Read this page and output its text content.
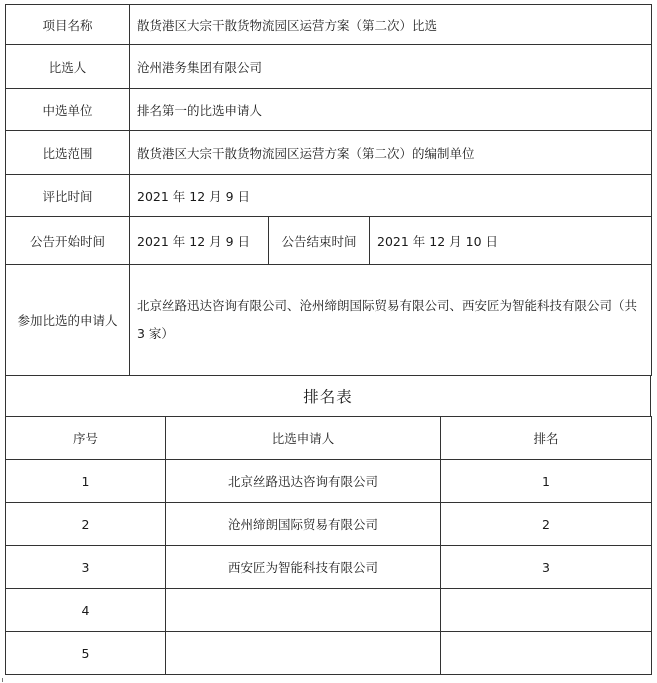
项目名称	散货港区大宗干散货物流园区运营方案（第二次）比选		
比选人	沧州港务集团有限公司		
中选单位	排名第一的比选申请人		
比选范围	散货港区大宗干散货物流园区运营方案（第二次）的编制单位		
评比时间	2021 年 12 月 9 日		
公告开始时间	2021 年 12 月 9 日	公告结束时间	2021 年 12 月 10 日
参加比选的申请人	北京丝路迅达咨询有限公司、沧州缔朗国际贸易有限公司、西安匠为智能科技有限公司（共 3 家）		
排名表
序号	比选申请人	排名
1	北京丝路迅达咨询有限公司	1
2	沧州缔朗国际贸易有限公司	2
3	西安匠为智能科技有限公司	3
4		
5		
